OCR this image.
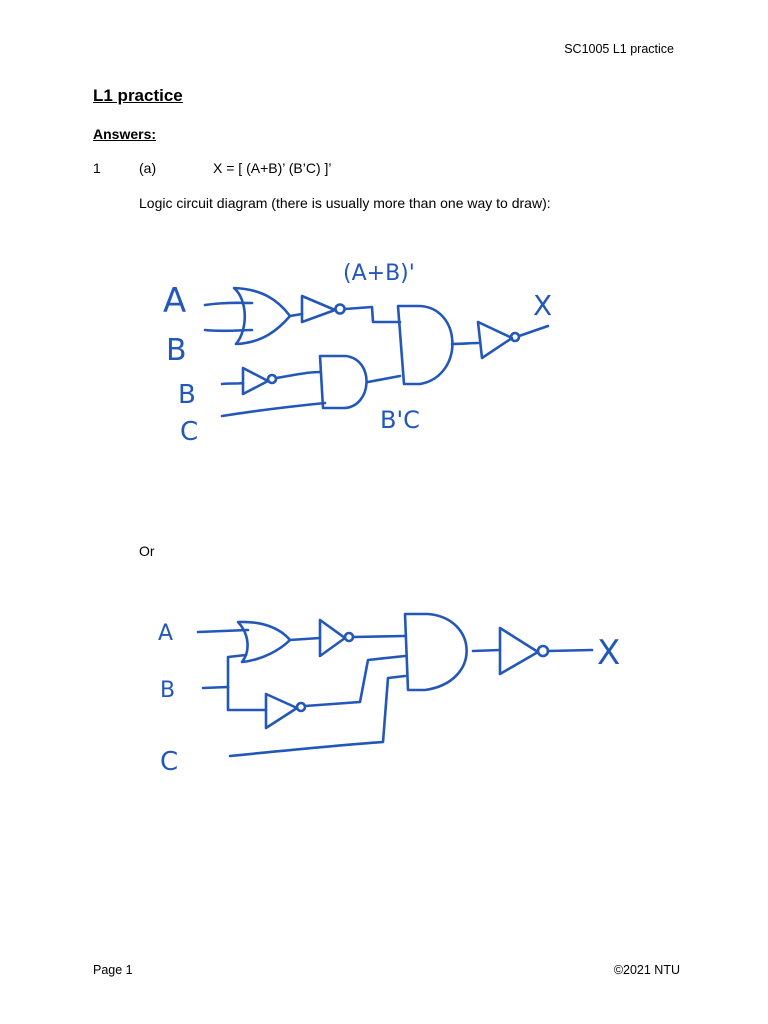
SC1005 L1 practice
L1 practice
Answers:
1	(a)	X = [ (A+B)’ (B’C) ]’
Logic circuit diagram (there is usually more than one way to draw):
A
B
B
C
(A+B)'
B'C
X
Or
A
B
C
X
Page 1	©2021 NTU
